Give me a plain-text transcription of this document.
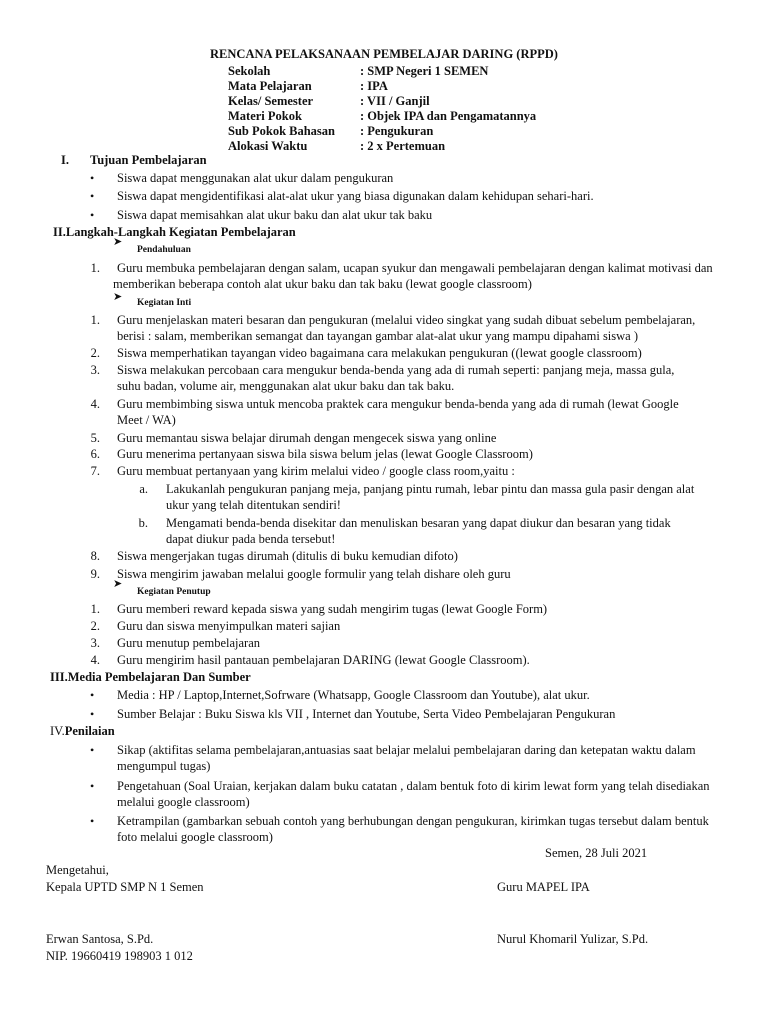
RENCANA PELAKSANAAN PEMBELAJAR DARING (RPPD)
Sekolah	: SMP Negeri 1 SEMEN
Mata Pelajaran	: IPA
Kelas/ Semester	: VII / Ganjil
Materi Pokok	: Objek IPA dan Pengamatannya
Sub Pokok Bahasan : Pengukuran
Alokasi Waktu	: 2 x Pertemuan
I. Tujuan Pembelajaran
• Siswa dapat menggunakan alat ukur dalam pengukuran
• Siswa dapat mengidentifikasi alat-alat ukur yang biasa digunakan dalam kehidupan sehari-hari.
• Siswa dapat memisahkan alat ukur baku dan alat ukur tak baku
II.Langkah-Langkah Kegiatan Pembelajaran
➤
Pendahuluan
1. Guru membuka pembelajaran dengan salam, ucapan syukur dan mengawali pembelajaran dengan kalimat motivasi dan
memberikan beberapa contoh alat ukur baku dan tak baku (lewat google classroom)
➤ Kegiatan Inti
1. Guru menjelaskan materi besaran dan pengukuran (melalui video singkat yang sudah dibuat sebelum pembelajaran,
berisi : salam, memberikan semangat dan tayangan gambar alat-alat ukur yang mampu dipahami siswa )
2. Siswa memperhatikan tayangan video bagaimana cara melakukan pengukuran ((lewat google classroom)
3. Siswa melakukan percobaan cara mengukur benda-benda yang ada di rumah seperti: panjang meja, massa gula,
suhu badan, volume air, menggunakan alat ukur baku dan tak baku.
4. Guru membimbing siswa untuk mencoba praktek cara mengukur benda-benda yang ada di rumah (lewat Google
Meet / WA)
5. Guru memantau siswa belajar dirumah dengan mengecek siswa yang online
6. Guru menerima pertanyaan siswa bila siswa belum jelas (lewat Google Classroom)
7. Guru membuat pertanyaan yang kirim melalui video / google class room,yaitu :
a. Lakukanlah pengukuran panjang meja, panjang pintu rumah, lebar pintu dan massa gula pasir dengan alat
ukur yang telah ditentukan sendiri!
b. Mengamati benda-benda disekitar dan menuliskan besaran yang dapat diukur dan besaran yang tidak
dapat diukur pada benda tersebut!
8. Siswa mengerjakan tugas dirumah (ditulis di buku kemudian difoto)
9. Siswa mengirim jawaban melalui google formulir yang telah dishare oleh guru
➤
Kegiatan Penutup
1. Guru memberi reward kepada siswa yang sudah mengirim tugas (lewat Google Form)
2. Guru dan siswa menyimpulkan materi sajian
3. Guru menutup pembelajaran
4. Guru mengirim hasil pantauan pembelajaran DARING (lewat Google Classroom).
III.Media Pembelajaran Dan Sumber
• Media : HP / Laptop,Internet,Sofrware (Whatsapp, Google Classroom dan Youtube), alat ukur.
• Sumber Belajar : Buku Siswa kls VII , Internet dan Youtube, Serta Video Pembelajaran Pengukuran
IV.Penilaian
• Sikap (aktifitas selama pembelajaran,antuasias saat belajar melalui pembelajaran daring dan ketepatan waktu dalam
mengumpul tugas)
• Pengetahuan (Soal Uraian, kerjakan dalam buku catatan , dalam bentuk foto di kirim lewat form yang telah disediakan
melalui google classroom)
• Ketrampilan (gambarkan sebuah contoh yang berhubungan dengan pengukuran, kirimkan tugas tersebut dalam bentuk
foto melalui google classroom)
Semen, 28 Juli 2021
Mengetahui,
Kepala UPTD SMP N 1 Semen	Guru MAPEL IPA
Erwan Santosa, S.Pd.	Nurul Khomaril Yulizar, S.Pd.
NIP. 19660419 198903 1 012
